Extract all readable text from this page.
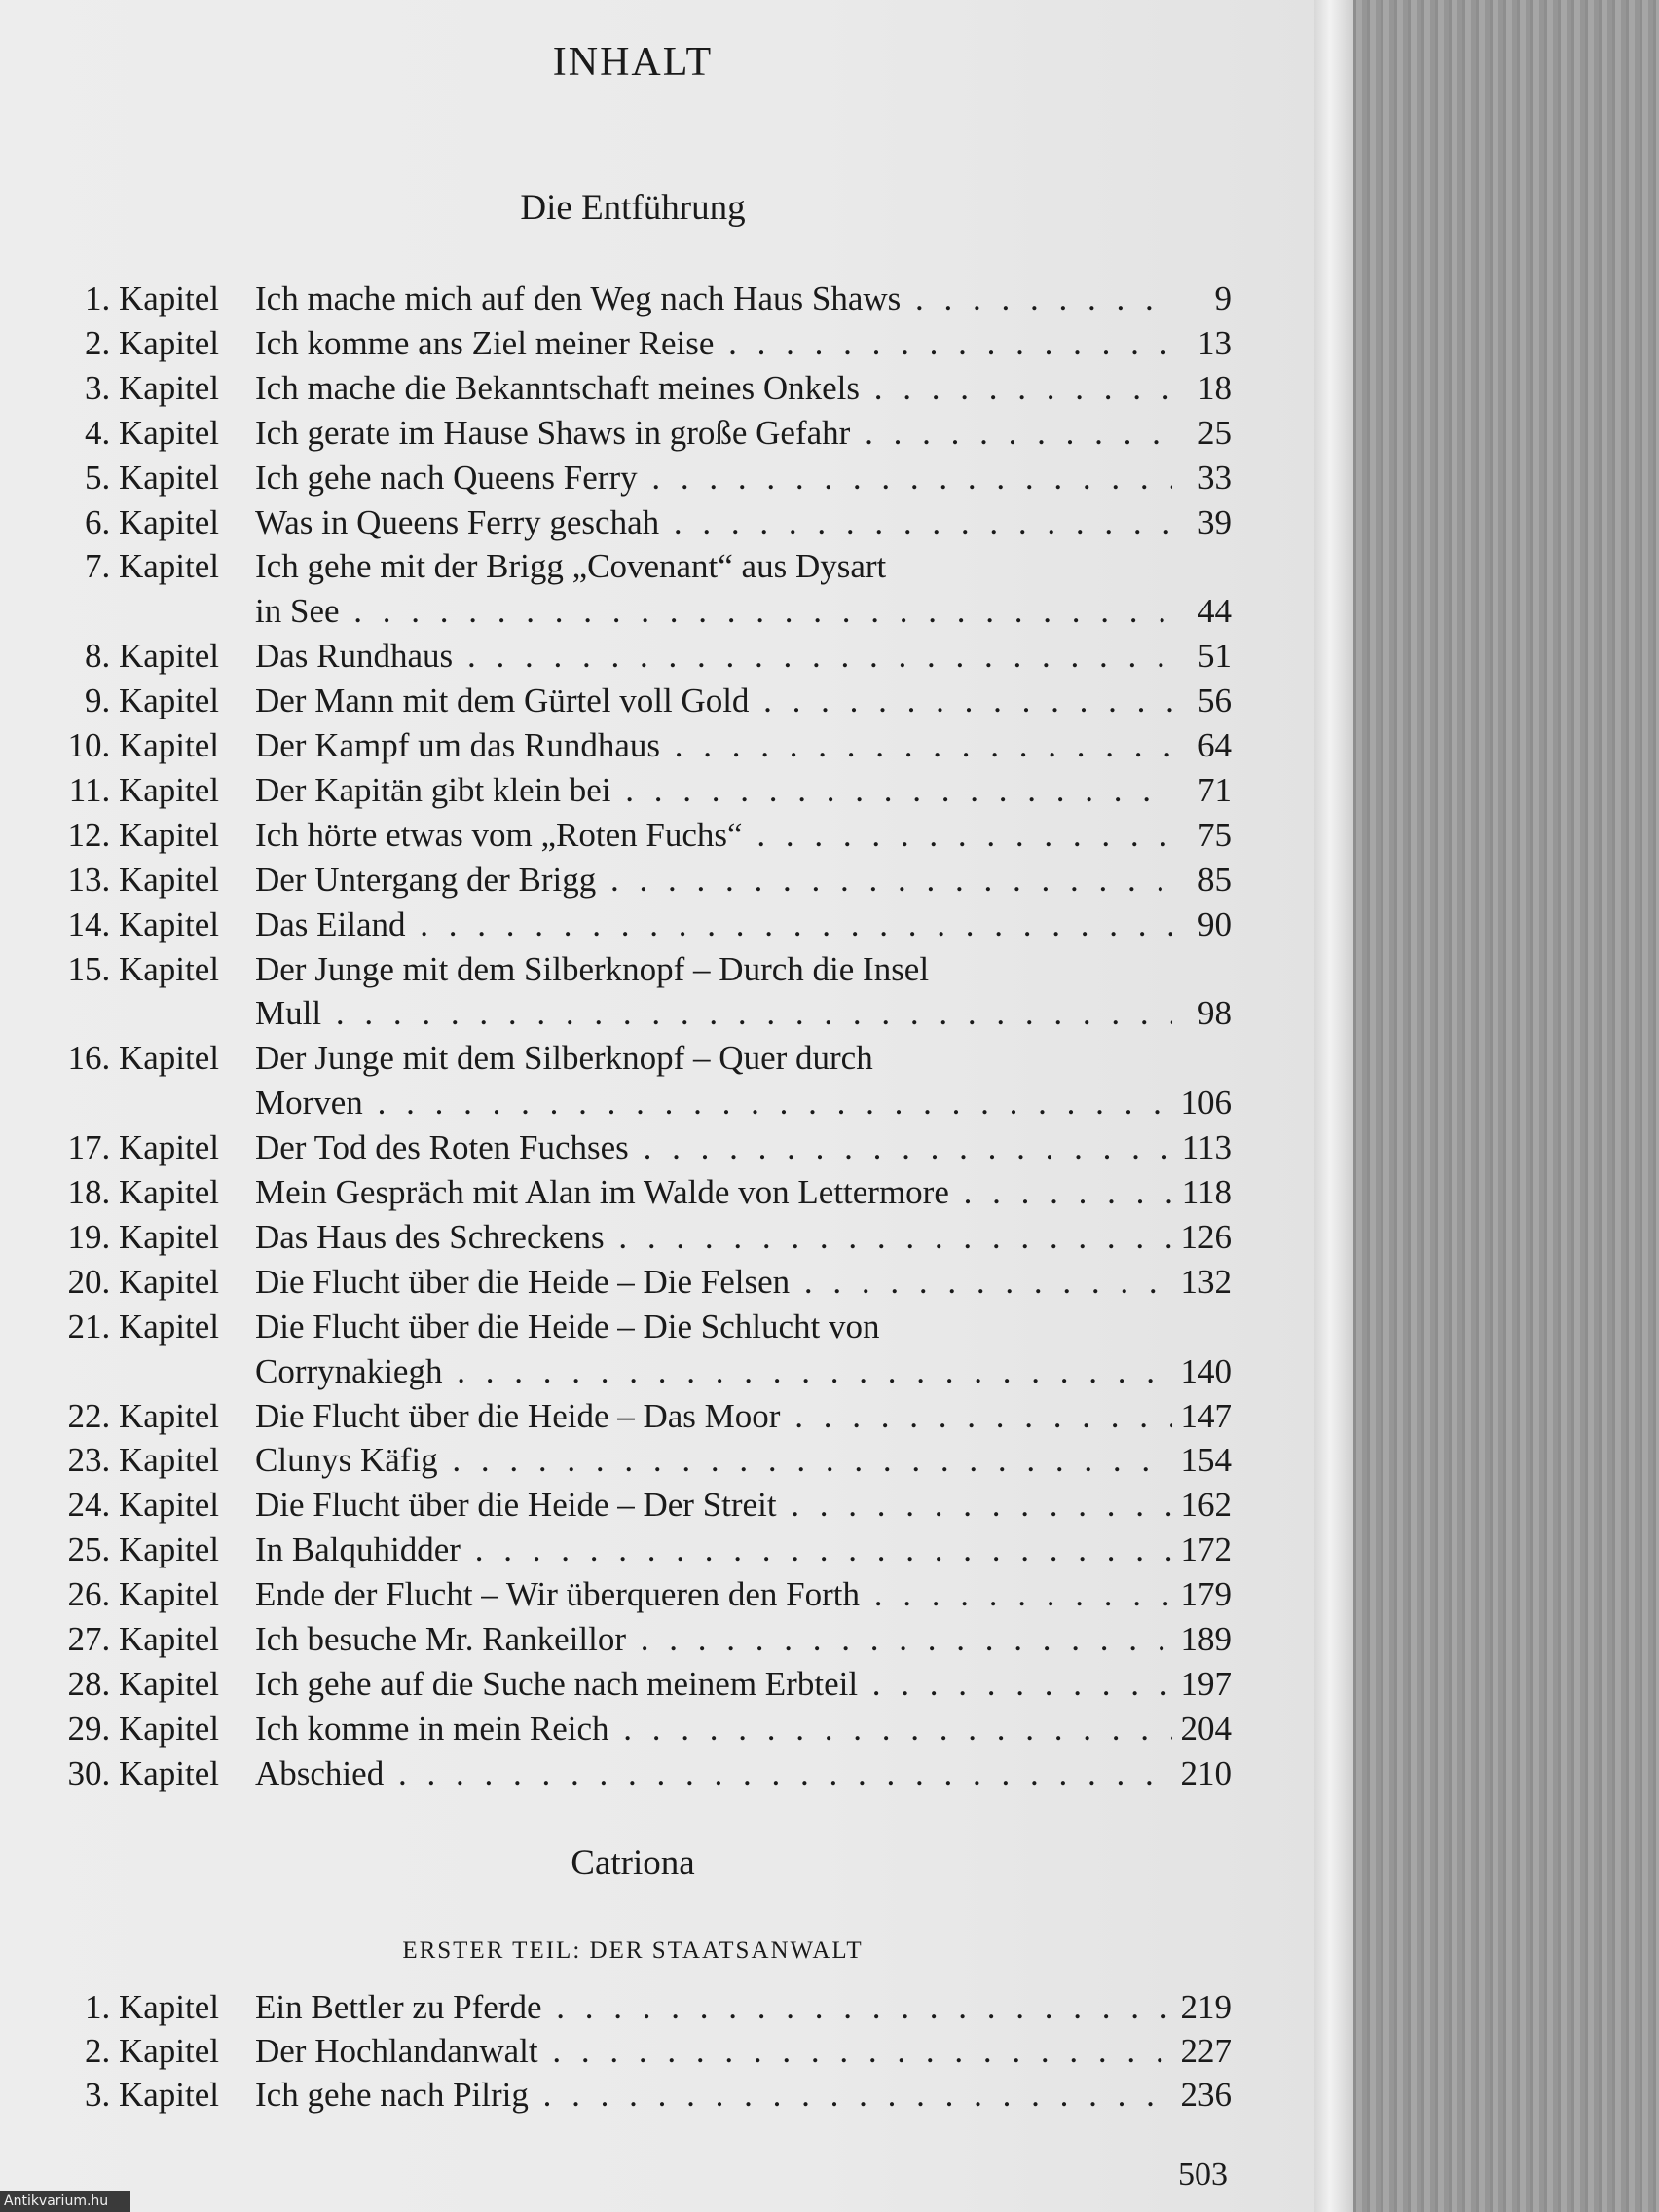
INHALT
Die Entführung
1. Kapitel Ich mache mich auf den Weg nach Haus Shaws . . .	9
2. Kapitel Ich komme ans Ziel meiner Reise . . .	13
3. Kapitel Ich mache die Bekanntschaft meines Onkels . . .	18
4. Kapitel Ich gerate im Hause Shaws in große Gefahr . . .	25
5. Kapitel Ich gehe nach Queens Ferry . . .	33
6. Kapitel Was in Queens Ferry geschah . . .	39
7. Kapitel Ich gehe mit der Brigg „Covenant“ aus Dysart
in See . . .	44
8. Kapitel Das Rundhaus . . .	51
9. Kapitel Der Mann mit dem Gürtel voll Gold . . .	56
10. Kapitel Der Kampf um das Rundhaus . . .	64
11. Kapitel Der Kapitän gibt klein bei . . .	71
12. Kapitel Ich hörte etwas vom „Roten Fuchs“ . . .	75
13. Kapitel Der Untergang der Brigg . . .	85
14. Kapitel Das Eiland . . .	90
15. Kapitel Der Junge mit dem Silberknopf – Durch die Insel
Mull . . .	98
16. Kapitel Der Junge mit dem Silberknopf – Quer durch
Morven . . .	106
17. Kapitel Der Tod des Roten Fuchses . . .	113
18. Kapitel Mein Gespräch mit Alan im Walde von Lettermore . . .	118
19. Kapitel Das Haus des Schreckens . . .	126
20. Kapitel Die Flucht über die Heide – Die Felsen . . .	132
21. Kapitel Die Flucht über die Heide – Die Schlucht von
Corrynakiegh . . .	140
22. Kapitel Die Flucht über die Heide – Das Moor . . .	147
23. Kapitel Clunys Käfig . . .	154
24. Kapitel Die Flucht über die Heide – Der Streit . . .	162
25. Kapitel In Balquhidder . . .	172
26. Kapitel Ende der Flucht – Wir überqueren den Forth . . .	179
27. Kapitel Ich besuche Mr. Rankeillor . . .	189
28. Kapitel Ich gehe auf die Suche nach meinem Erbteil . . .	197
29. Kapitel Ich komme in mein Reich . . .	204
30. Kapitel Abschied . . .	210
Catriona
ERSTER TEIL: DER STAATSANWALT
1. Kapitel Ein Bettler zu Pferde . . .	219
2. Kapitel Der Hochlandanwalt . . .	227
3. Kapitel Ich gehe nach Pilrig . . .	236
503
Antikvarium.hu
